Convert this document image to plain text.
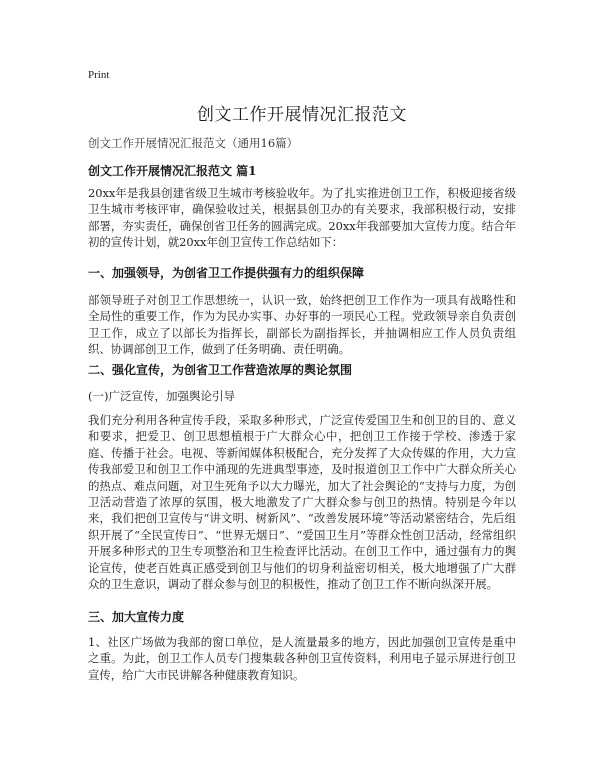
Print
创文工作开展情况汇报范文
创文工作开展情况汇报范文（通用16篇）
创文工作开展情况汇报范文 篇1

20xx年是我县创建省级卫生城市考核验收年。为了扎实推进创卫工作，积极迎接省级卫生城市考核评审，确保验收过关，根据县创卫办的有关要求，我部积极行动，安排部署，夯实责任，确保创省卫任务的圆满完成。20xx年我部要加大宣传力度。结合年初的宣传计划，就20xx年创卫宣传工作总结如下：

一、加强领导，为创省卫工作提供强有力的组织保障

部领导班子对创卫工作思想统一，认识一致，始终把创卫工作作为一项具有战略性和全局性的重要工作，作为为民办实事、办好事的一项民心工程。党政领导亲自负责创卫工作，成立了以部长为指挥长，副部长为副指挥长，并抽调相应工作人员负责组织、协调部创卫工作，做到了任务明确、责任明确。

二、强化宣传，为创省卫工作营造浓厚的舆论氛围
(一)广泛宣传，加强舆论引导

我们充分利用各种宣传手段，采取多种形式，广泛宣传爱国卫生和创卫的目的、意义和要求，把爱卫、创卫思想植根于广大群众心中，把创卫工作接于学校、渗透于家庭、传播于社会。电视、等新闻媒体积极配合，充分发挥了大众传媒的作用，大力宣传我部爱卫和创卫工作中涌现的先进典型事迹，及时报道创卫工作中广大群众所关心的热点、难点问题，对卫生死角予以大力曝光，加大了社会舆论的“支持与力度，为创卫活动营造了浓厚的氛围，极大地激发了广大群众参与创卫的热情。特别是今年以来，我们把创卫宣传与“讲文明、树新风”、“改善发展环境”等活动紧密结合，先后组织开展了“全民宣传日”、“世界无烟日”、“爱国卫生月”等群众性创卫活动，经常组织开展多种形式的卫生专项整治和卫生检查评比活动。在创卫工作中，通过强有力的舆论宣传，使老百姓真正感受到创卫与他们的切身利益密切相关，极大地增强了广大群众的卫生意识，调动了群众参与创卫的积极性，推动了创卫工作不断向纵深开展。

三、加大宣传力度

1、社区广场做为我部的窗口单位，是人流量最多的地方，因此加强创卫宣传是重中之重。为此，创卫工作人员专门搜集载各种创卫宣传资料，利用电子显示屏进行创卫宣传，给广大市民讲解各种健康教育知识。
